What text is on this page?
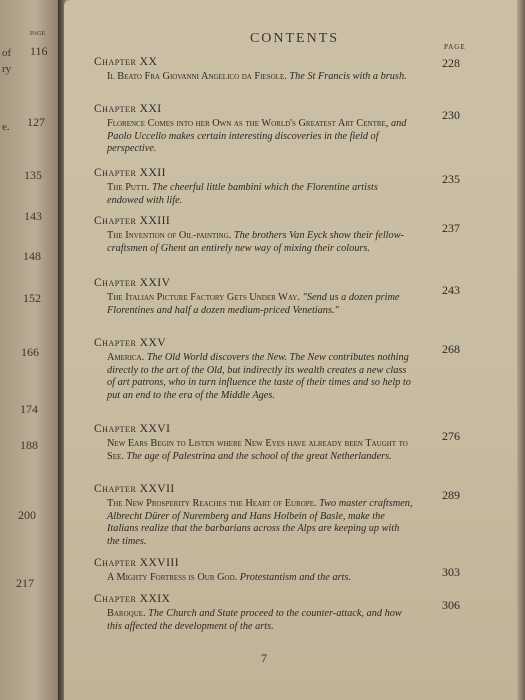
PAGE
116
of
ry
e. 127
135
143
148
152
166
174
188
200
217
CONTENTS
PAGE
Chapter XX
Il Beato Fra Giovanni Angelico da Fiesole. The St Francis with a brush.
228
Chapter XXI
Florence Comes into her Own as the World's Greatest Art Centre, and Paolo Uccello makes certain interesting discoveries in the field of perspective.
230
Chapter XXII
The Putti. The cheerful little bambini which the Florentine artists endowed with life.
235
Chapter XXIII
The Invention of Oil-painting. The brothers Van Eyck show their fellow-craftsmen of Ghent an entirely new way of mixing their colours.
237
Chapter XXIV
The Italian Picture Factory Gets Under Way. "Send us a dozen prime Florentines and half a dozen medium-priced Venetians."
243
Chapter XXV
America. The Old World discovers the New. The New contributes nothing directly to the art of the Old, but indirectly its wealth creates a new class of art patrons, who in turn influence the taste of their times and so help to put an end to the era of the Middle Ages.
268
Chapter XXVI
New Ears Begin to Listen where New Eyes have already been Taught to See. The age of Palestrina and the school of the great Netherlanders.
276
Chapter XXVII
The New Prosperity Reaches the Heart of Europe. Two master craftsmen, Albrecht Dürer of Nuremberg and Hans Holbein of Basle, make the Italians realize that the barbarians across the Alps are keeping up with the times.
289
Chapter XXVIII
A Mighty Fortress is Our God. Protestantism and the arts.	303
Chapter XXIX
Baroque. The Church and State proceed to the counter-attack, and how this affected the development of the arts.
306
7
